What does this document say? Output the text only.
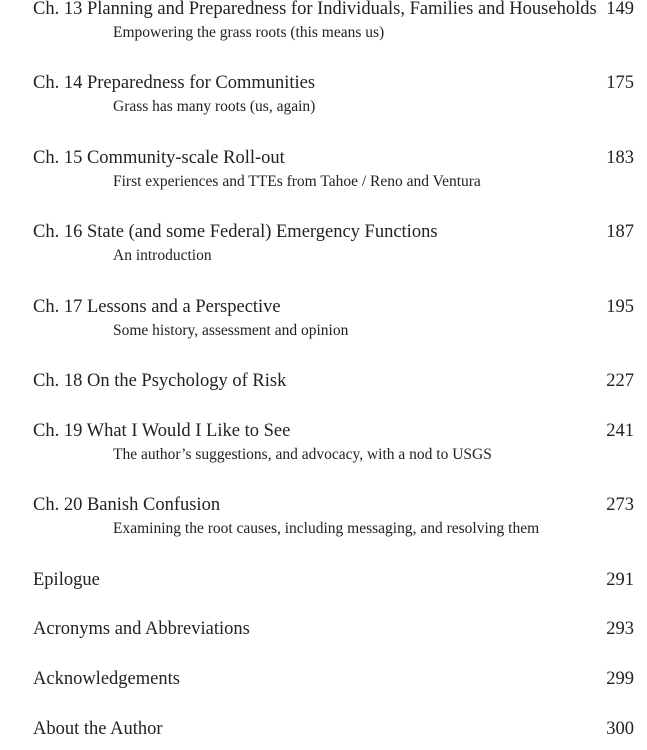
Ch. 13 Planning and Preparedness for Individuals, Families and Households 149
Empowering the grass roots (this means us)
Ch. 14 Preparedness for Communities	175
Grass has many roots (us, again)
Ch. 15 Community-scale Roll-out	183
First experiences and TTEs from Tahoe / Reno and Ventura
Ch. 16 State (and some Federal) Emergency Functions	187
An introduction
Ch. 17 Lessons and a Perspective	195
Some history, assessment and opinion
Ch. 18 On the Psychology of Risk	227
Ch. 19 What I Would I Like to See	241
The author’s suggestions, and advocacy, with a nod to USGS
Ch. 20 Banish Confusion	273
Examining the root causes, including messaging, and resolving them
Epilogue	291
Acronyms and Abbreviations	293
Acknowledgements	299
About the Author	300
